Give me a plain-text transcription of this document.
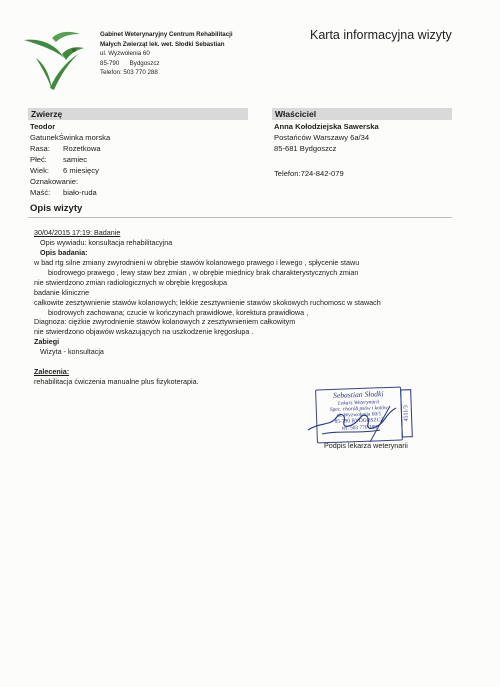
Gabinet Weterynaryjny Centrum Rehabilitacji
Małych Zwierząt lek. wet. Słodki Sebastian
ul. Wyzwolenia 60
85-790 Bydgoszcz
Telefon: 503 770 288
Karta informacyjna wizyty
Zwierzę
Teodor
GatunekŚwinka morska
Rasa:	Rozetkowa
Płeć:	samiec
Wiek:	6 miesięcy
Oznakowanie:
Maść:	biało-ruda
Właściciel
Anna Kołodziejska Sawerska
Postańców Warszawy 6a/34
85-681 Bydgoszcz
Telefon:724-842-079
Opis wizyty
30/04/2015 17:19: Badanie
Opis wywiadu: konsultacja rehabilitacyjna
Opis badania:
w bad rtg silne zmiany zwyrodnieni w obrębie stawów kolanowego prawego i lewego , spłycenie stawu
biodrowego prawego , lewy staw bez zmian , w obrębie miednicy brak charakterystycznych zmian
nie stwierdzono zmian radiologicznych w obrębie kręgosłupa
badanie kliniczne
całkowite zesztywnienie stawów kolanowych; lekkie zesztywnienie stawów skokowych ruchomosc w stawach
biodrowych zachowana; czucie w kończynach prawidłowe, korektura prawidłowa ,
Diagnoza: ciężkie zwyrodnienie stawów kolanowych z zesztywnieniem całkowitym
nie stwierdzono objawów wskazujących na uszkodzenie kręgosłupa .
Zabiegi
Wizyta - konsultacja
Zalecenia:
rehabilitacja ćwiczenia manualne plus fizykoterapia.
Sebastian Słodki
Lekarz Weterynarii
Spec. chorób psów i kotów
ul. Wyzwolenia 60/1
85-790 BYDGOSZCZ
tel. 503 770 288
4511/3
Podpis lekarza weterynarii
